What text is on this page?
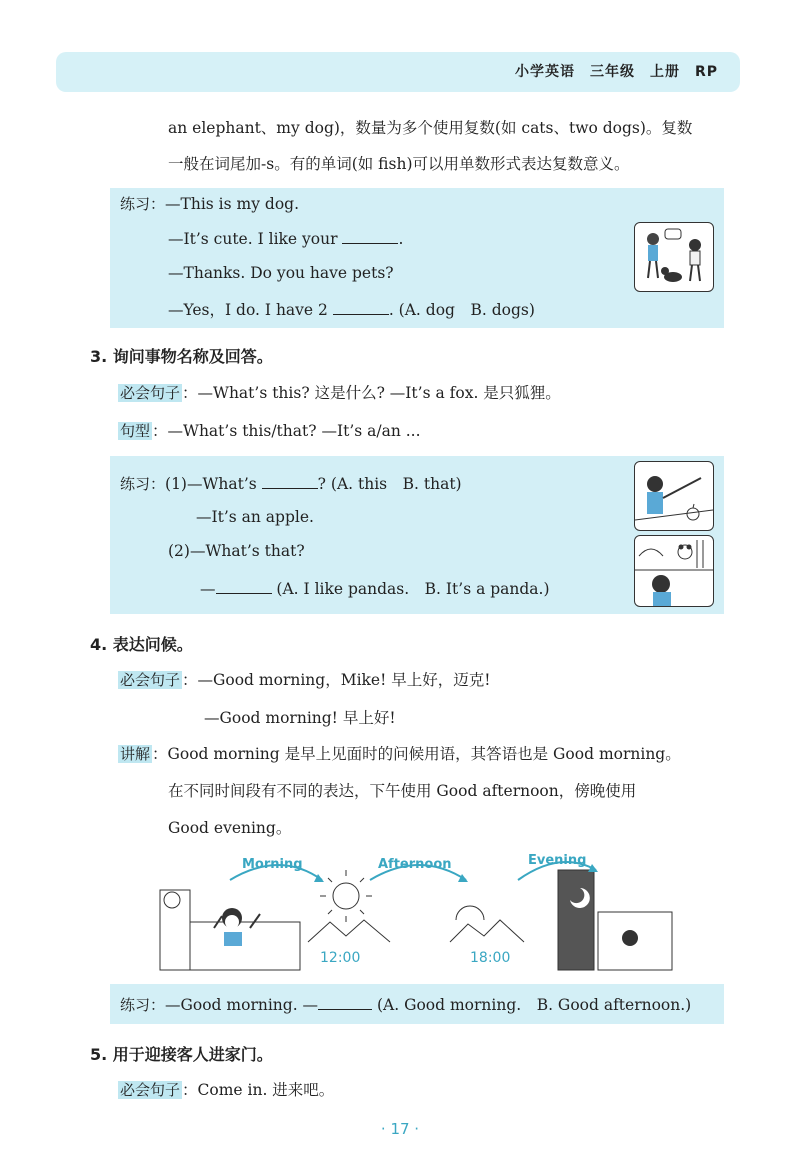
小学英语　三年级　上册　RP
an elephant、my dog)，数量为多个使用复数(如 cats、two dogs)。复数
一般在词尾加-s。有的单词(如 fish)可以用单数形式表达复数意义。
练习：—This is my dog.
—It’s cute. I like your	.
—Thanks. Do you have pets?
—Yes，I do. I have 2	. (A. dog　B. dogs)
3. 询问事物名称及回答。
必会句子 ：—What’s this? 这是什么? —It’s a fox. 是只狐狸。
句型 ：—What’s this/that? —It’s a/an ...
练习：(1)—What’s	? (A. this　B. that)
—It’s an apple.
(2)—What’s that?
—	(A. I like pandas.　B. It’s a panda.)
4. 表达问候。
必会句子 ：—Good morning，Mike! 早上好，迈克!
—Good morning! 早上好!
讲解 ：Good morning 是早上见面时的问候用语，其答语也是 Good morning。
在不同时间段有不同的表达，下午使用 Good afternoon，傍晚使用
Good evening。
Morning	Afternoon	Evening
12:00	18:00
练习：—Good morning. —	(A. Good morning.　B. Good afternoon.)
5. 用于迎接客人进家门。
必会句子 ：Come in. 进来吧。
· 17 ·
